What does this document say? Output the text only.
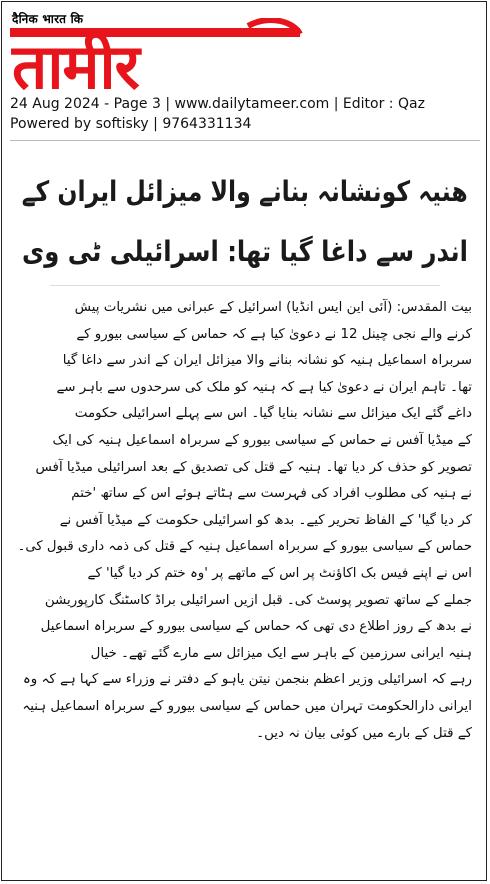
दैनिक भारत कि
तामीर
24 Aug 2024 - Page 3 | www.dailytameer.com | Editor : Qaz
Powered by softisky | 9764331134
ھنیہ کونشانہ بنانے والا میزائل ایران کے
اندر سے داغا گیا تھا: اسرائیلی ٹی وی
بیت المقدس: (آئی این ایس انڈیا) اسرائیل کے عبرانی میں نشریات پیش
کرنے والے نجی چینل 12 نے دعویٰ کیا ہے کہ حماس کے سیاسی بیورو کے
سربراہ اسماعیل ہنیہ کو نشانہ بنانے والا میزائل ایران کے اندر سے داغا گیا
تھا۔ تاہم ایران نے دعویٰ کیا ہے کہ ہنیہ کو ملک کی سرحدوں سے باہر سے
داغے گئے ایک میزائل سے نشانہ بنایا گیا۔ اس سے پہلے اسرائیلی حکومت
کے میڈیا آفس نے حماس کے سیاسی بیورو کے سربراہ اسماعیل ہنیہ کی ایک
تصویر کو حذف کر دیا تھا۔ ہنیہ کے قتل کی تصدیق کے بعد اسرائیلی میڈیا آفس
نے ہنیہ کی مطلوب افراد کی فہرست سے ہٹاتے ہوئے اس کے ساتھ 'ختم
کر دیا گیا' کے الفاظ تحریر کیے۔ بدھ کو اسرائیلی حکومت کے میڈیا آفس نے
حماس کے سیاسی بیورو کے سربراہ اسماعیل ہنیہ کے قتل کی ذمہ داری قبول کی۔
اس نے اپنے فیس بک اکاؤنٹ پر اس کے ماتھے پر 'وہ ختم کر دیا گیا' کے
جملے کے ساتھ تصویر پوسٹ کی۔ قبل ازیں اسرائیلی براڈ کاسٹنگ کارپوریشن
نے بدھ کے روز اطلاع دی تھی کہ حماس کے سیاسی بیورو کے سربراہ اسماعیل
ہنیہ ایرانی سرزمین کے باہر سے ایک میزائل سے مارے گئے تھے۔ خیال
رہے کہ اسرائیلی وزیر اعظم بنجمن نیتن یاہو کے دفتر نے وزراء سے کہا ہے کہ وہ
ایرانی دارالحکومت تہران میں حماس کے سیاسی بیورو کے سربراہ اسماعیل ہنیہ
کے قتل کے بارے میں کوئی بیان نہ دیں۔
